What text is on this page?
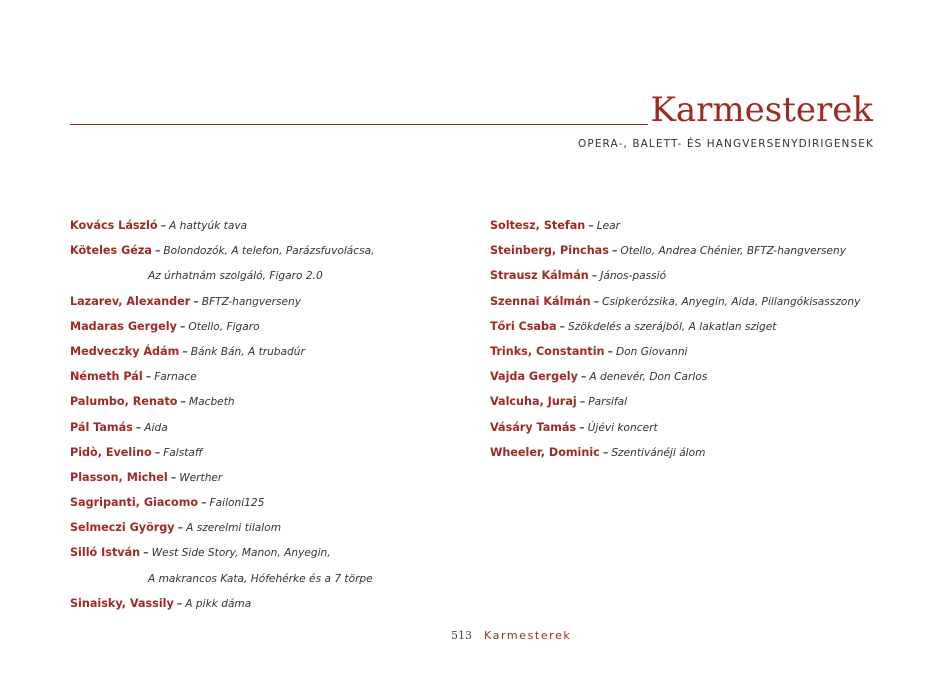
Karmesterek
OPERA-, BALETT- ÉS HANGVERSENYDIRIGENSEK
Kovács László – A hattyúk tava
Köteles Géza – Bolondozók, A telefon, Parázsfuvolácsa,
Az úrhatnám szolgáló, Figaro 2.0
Lazarev, Alexander – BFTZ-hangverseny
Madaras Gergely – Otello, Figaro
Medveczky Ádám – Bánk Bán, A trubadúr
Németh Pál – Farnace
Palumbo, Renato – Macbeth
Pál Tamás – Aida
Pidò, Evelino – Falstaff
Plasson, Michel – Werther
Sagripanti, Giacomo – Failoni125
Selmeczi György – A szerelmi tilalom
Silló István – West Side Story, Manon, Anyegin,
A makrancos Kata, Hófehérke és a 7 törpe
Sinaisky, Vassily – A pikk dáma
Soltesz, Stefan – Lear
Steinberg, Pinchas – Otello, Andrea Chénier, BFTZ-hangverseny
Strausz Kálmán – János-passió
Szennai Kálmán – Csipkerózsika, Anyegin, Aida, Pillangókisasszony
Tőri Csaba – Szökdelés a szerájból, A lakatlan sziget
Trinks, Constantin – Don Giovanni
Vajda Gergely – A denevér, Don Carlos
Valcuha, Juraj – Parsifal
Vásáry Tamás – Újévi koncert
Wheeler, Dominic – Szentivánéji álom
513 Karmesterek
